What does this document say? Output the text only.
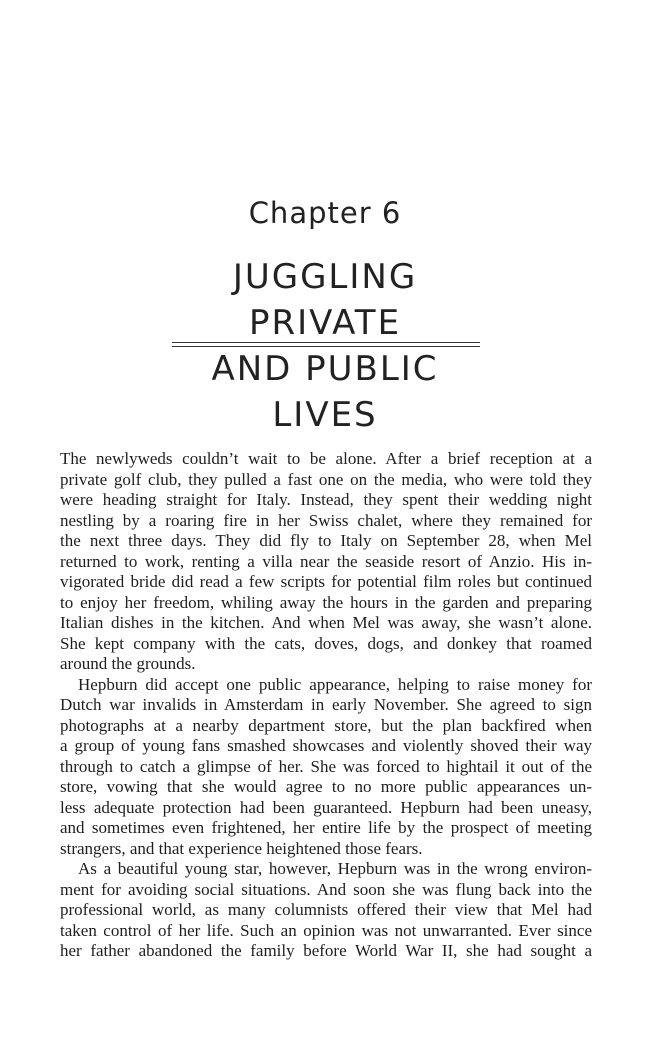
Chapter 6
JUGGLING PRIVATE
AND PUBLIC LIVES
The newlyweds couldn’t wait to be alone. After a brief reception at a
private golf club, they pulled a fast one on the media, who were told they
were heading straight for Italy. Instead, they spent their wedding night
nestling by a roaring fire in her Swiss chalet, where they remained for
the next three days. They did fly to Italy on September 28, when Mel
returned to work, renting a villa near the seaside resort of Anzio. His in-
vigorated bride did read a few scripts for potential film roles but continued
to enjoy her freedom, whiling away the hours in the garden and preparing
Italian dishes in the kitchen. And when Mel was away, she wasn’t alone.
She kept company with the cats, doves, dogs, and donkey that roamed
around the grounds.
Hepburn did accept one public appearance, helping to raise money for
Dutch war invalids in Amsterdam in early November. She agreed to sign
photographs at a nearby department store, but the plan backfired when
a group of young fans smashed showcases and violently shoved their way
through to catch a glimpse of her. She was forced to hightail it out of the
store, vowing that she would agree to no more public appearances un-
less adequate protection had been guaranteed. Hepburn had been uneasy,
and sometimes even frightened, her entire life by the prospect of meeting
strangers, and that experience heightened those fears.
As a beautiful young star, however, Hepburn was in the wrong environ-
ment for avoiding social situations. And soon she was flung back into the
professional world, as many columnists offered their view that Mel had
taken control of her life. Such an opinion was not unwarranted. Ever since
her father abandoned the family before World War II, she had sought a
